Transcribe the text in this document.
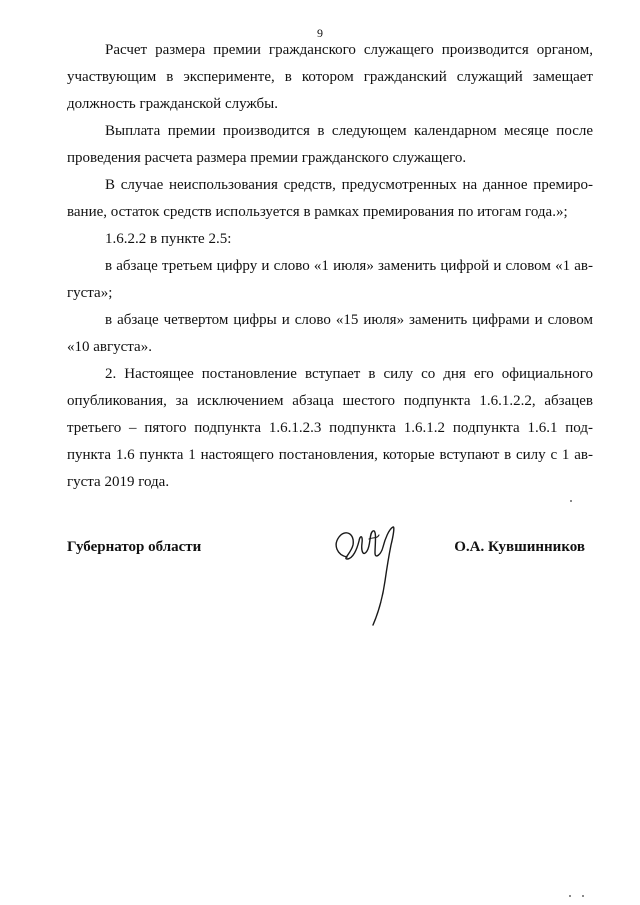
9

Расчет размера премии гражданского служащего производится органом, участвующим в эксперименте, в котором гражданский служащий замещает должность гражданской службы.

Выплата премии производится в следующем календарном месяце после проведения расчета размера премии гражданского служащего.

В случае неиспользования средств, предусмотренных на данное премирование, остаток средств используется в рамках премирования по итогам года.»;

1.6.2.2 в пункте 2.5:

в абзаце третьем цифру и слово «1 июля» заменить цифрой и словом «1 августа»;

в абзаце четвертом цифры и слово «15 июля» заменить цифрами и словом «10 августа».

2. Настоящее постановление вступает в силу со дня его официального опубликования, за исключением абзаца шестого подпункта 1.6.1.2.2, абзацев третьего – пятого подпункта 1.6.1.2.3 подпункта 1.6.1.2 подпункта 1.6.1 подпункта 1.6 пункта 1 настоящего постановления, которые вступают в силу с 1 августа 2019 года.

Губернатор области	О.А. Кувшинников
